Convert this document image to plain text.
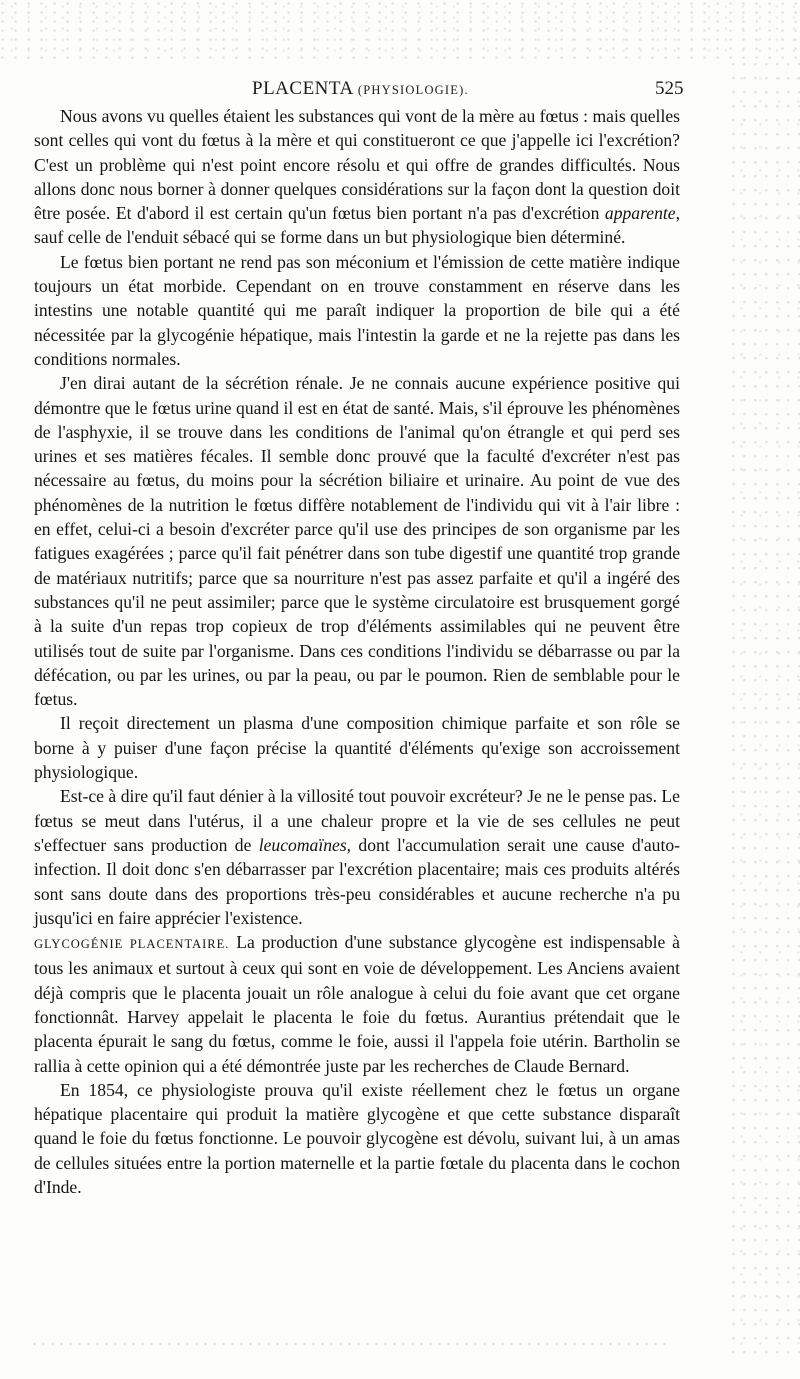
PLACENTA (PHYSIOLOGIE).	525

Nous avons vu quelles étaient les substances qui vont de la mère au fœtus : mais quelles sont celles qui vont du fœtus à la mère et qui constitueront ce que j'appelle ici l'excrétion? C'est un problème qui n'est point encore résolu et qui offre de grandes difficultés. Nous allons donc nous borner à donner quelques considérations sur la façon dont la question doit être posée. Et d'abord il est certain qu'un fœtus bien portant n'a pas d'excrétion apparente, sauf celle de l'enduit sébacé qui se forme dans un but physiologique bien déterminé.

Le fœtus bien portant ne rend pas son méconium et l'émission de cette matière indique toujours un état morbide. Cependant on en trouve constamment en réserve dans les intestins une notable quantité qui me paraît indiquer la proportion de bile qui a été nécessitée par la glycogénie hépatique, mais l'intestin la garde et ne la rejette pas dans les conditions normales.

J'en dirai autant de la sécrétion rénale. Je ne connais aucune expérience positive qui démontre que le fœtus urine quand il est en état de santé. Mais, s'il éprouve les phénomènes de l'asphyxie, il se trouve dans les conditions de l'animal qu'on étrangle et qui perd ses urines et ses matières fécales. Il semble donc prouvé que la faculté d'excréter n'est pas nécessaire au fœtus, du moins pour la sécrétion biliaire et urinaire. Au point de vue des phénomènes de la nutrition le fœtus diffère notablement de l'individu qui vit à l'air libre : en effet, celui-ci a besoin d'excréter parce qu'il use des principes de son organisme par les fatigues exagérées ; parce qu'il fait pénétrer dans son tube digestif une quantité trop grande de matériaux nutritifs; parce que sa nourriture n'est pas assez parfaite et qu'il a ingéré des substances qu'il ne peut assimiler; parce que le système circulatoire est brusquement gorgé à la suite d'un repas trop copieux de trop d'éléments assimilables qui ne peuvent être utilisés tout de suite par l'organisme. Dans ces conditions l'individu se débarrasse ou par la défécation, ou par les urines, ou par la peau, ou par le poumon. Rien de semblable pour le fœtus.

Il reçoit directement un plasma d'une composition chimique parfaite et son rôle se borne à y puiser d'une façon précise la quantité d'éléments qu'exige son accroissement physiologique.

Est-ce à dire qu'il faut dénier à la villosité tout pouvoir excréteur? Je ne le pense pas. Le fœtus se meut dans l'utérus, il a une chaleur propre et la vie de ses cellules ne peut s'effectuer sans production de leucomaïnes, dont l'accumulation serait une cause d'auto-infection. Il doit donc s'en débarrasser par l'excrétion placentaire; mais ces produits altérés sont sans doute dans des proportions très-peu considérables et aucune recherche n'a pu jusqu'ici en faire apprécier l'existence.

GLYCOGÉNIE PLACENTAIRE. La production d'une substance glycogène est indispensable à tous les animaux et surtout à ceux qui sont en voie de développement. Les Anciens avaient déjà compris que le placenta jouait un rôle analogue à celui du foie avant que cet organe fonctionnât. Harvey appelait le placenta le foie du fœtus. Aurantius prétendait que le placenta épurait le sang du fœtus, comme le foie, aussi il l'appela foie utérin. Bartholin se rallia à cette opinion qui a été démontrée juste par les recherches de Claude Bernard.

En 1854, ce physiologiste prouva qu'il existe réellement chez le fœtus un organe hépatique placentaire qui produit la matière glycogène et que cette substance disparaît quand le foie du fœtus fonctionne. Le pouvoir glycogène est dévolu, suivant lui, à un amas de cellules situées entre la portion maternelle et la partie fœtale du placenta dans le cochon d'Inde.
